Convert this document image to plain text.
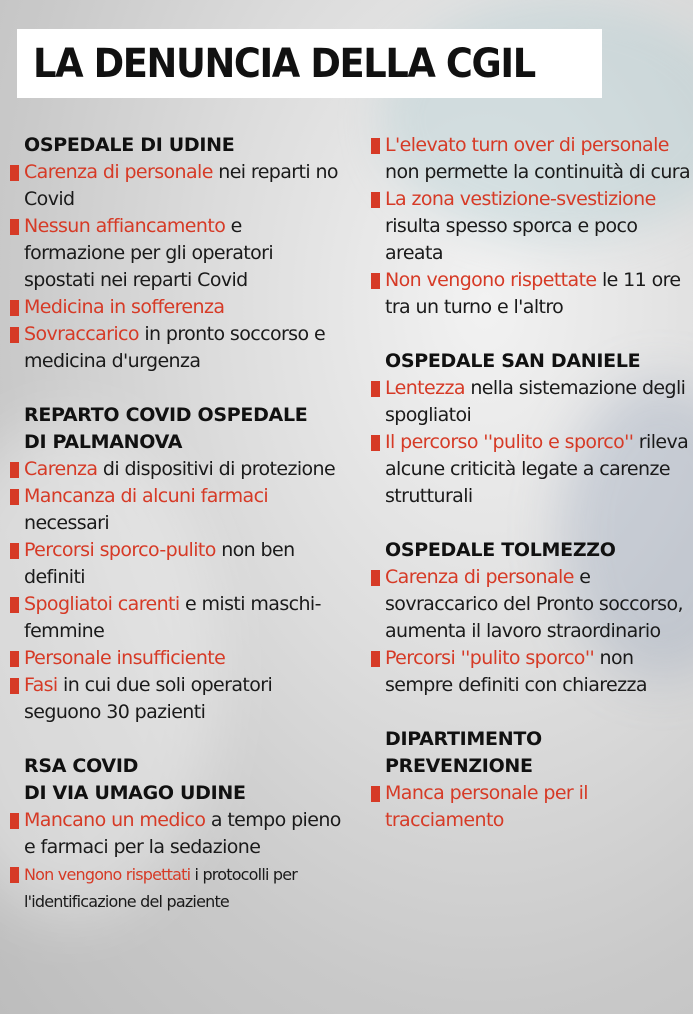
LA DENUNCIA DELLA CGIL
OSPEDALE DI UDINE
Carenza di personale nei reparti no Covid
Nessun affiancamento e formazione per gli operatori spostati nei reparti Covid
Medicina in sofferenza
Sovraccarico in pronto soccorso e medicina d'urgenza
REPARTO COVID OSPEDALE
DI PALMANOVA
Carenza di dispositivi di protezione
Mancanza di alcuni farmaci necessari
Percorsi sporco-pulito non ben definiti
Spogliatoi carenti e misti maschi-femmine
Personale insufficiente
Fasi in cui due soli operatori seguono 30 pazienti
RSA COVID
DI VIA UMAGO UDINE
Mancano un medico a tempo pieno e farmaci per la sedazione
Non vengono rispettati i protocolli per l'identificazione del paziente
L'elevato turn over di personale non permette la continuità di cura
La zona vestizione-svestizione risulta spesso sporca e poco areata
Non vengono rispettate le 11 ore tra un turno e l'altro
OSPEDALE SAN DANIELE
Lentezza nella sistemazione degli spogliatoi
Il percorso ''pulito e sporco'' rileva alcune criticità legate a carenze strutturali
OSPEDALE TOLMEZZO
Carenza di personale e sovraccarico del Pronto soccorso, aumenta il lavoro straordinario
Percorsi ''pulito sporco'' non sempre definiti con chiarezza
DIPARTIMENTO PREVENZIONE
Manca personale per il tracciamento
